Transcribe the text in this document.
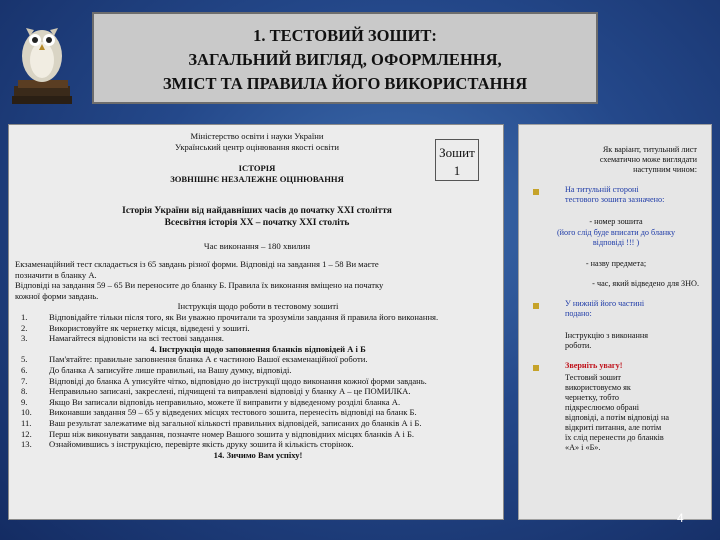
1. ТЕСТОВИЙ ЗОШИТ:
ЗАГАЛЬНИЙ ВИГЛЯД, ОФОРМЛЕННЯ,
ЗМІСТ ТА ПРАВИЛА ЙОГО ВИКОРИСТАННЯ
Міністерство освіти і науки України
Український центр оцінювання якості освіти
ІСТОРІЯ
ЗОВНІШНЄ НЕЗАЛЕЖНЕ ОЦІНЮВАННЯ
Зошит
1
Історія України від найдавніших часів до початку XXI століття
Всесвітня історія XX – початку XXI століть
Час виконання – 180 хвилин

Екзаменаційний тест складається із 65 завдань різної форми. Відповіді на завдання 1 – 58 Ви маєте

позначити в бланку А.

Відповіді на завдання 59 – 65 Ви переносите до бланку Б. Правила їх виконання вміщено на початку

кожної форми завдань.

Інструкція щодо роботи в тестовому зошиті

1.	Відповідайте тільки після того, як Ви уважно прочитали та зрозуміли завдання й правила його виконання.
2.	Використовуйте як чернетку місця, відведені у зошиті.
3.	Намагайтеся відповісти на всі тестові завдання.

4. Інструкція щодо заповнення бланків відповідей А і Б

5.	Пам'ятайте: правильне заповнення бланка А є частиною Вашої екзаменаційної роботи.
6.	До бланка А записуйте лише правильні, на Вашу думку, відповіді.
7.	Відповіді до бланка А уписуйте чітко, відповідно до інструкції щодо виконання кожної форми завдань.
8.	Неправильно записані, закреслені, підчищені та виправлені відповіді у бланку А – це ПОМИЛКА.
9.	Якщо Ви записали відповідь неправильно, можете її виправити у відведеному розділі бланка А.
10. Виконавши завдання 59 – 65 у відведених місцях тестового зошита, перенесіть відповіді на бланк Б.
11. Ваш результат залежатиме від загальної кількості правильних відповідей, записаних до бланків А і Б.
12. Перш ніж виконувати завдання, позначте номер Вашого зошита у відповідних місцях бланків А і Б.
13. Ознайомившись з інструкцією, перевірте якість друку зошита й кількість сторінок.

14. Зичимо Вам успіху!

Як варіант, титульний лист
схематично може виглядати
наступним чином:
На титульній стороні
тестового зошита зазначено:
- номер зошита
(його слід буде вписати до бланку
відповіді !!! )
- назву предмета;
- час, який відведено для ЗНО.
У нижній його частині
подано:
Інструкцію з виконання
роботи.
Зверніть увагу!
Тестовий зошит
використовуємо як
чернетку, тобто
підкреслюємо обрані
відповіді, а потім відповіді на
відкриті питання, але потім
їх слід перенести до бланків
«А» і «Б».
4
